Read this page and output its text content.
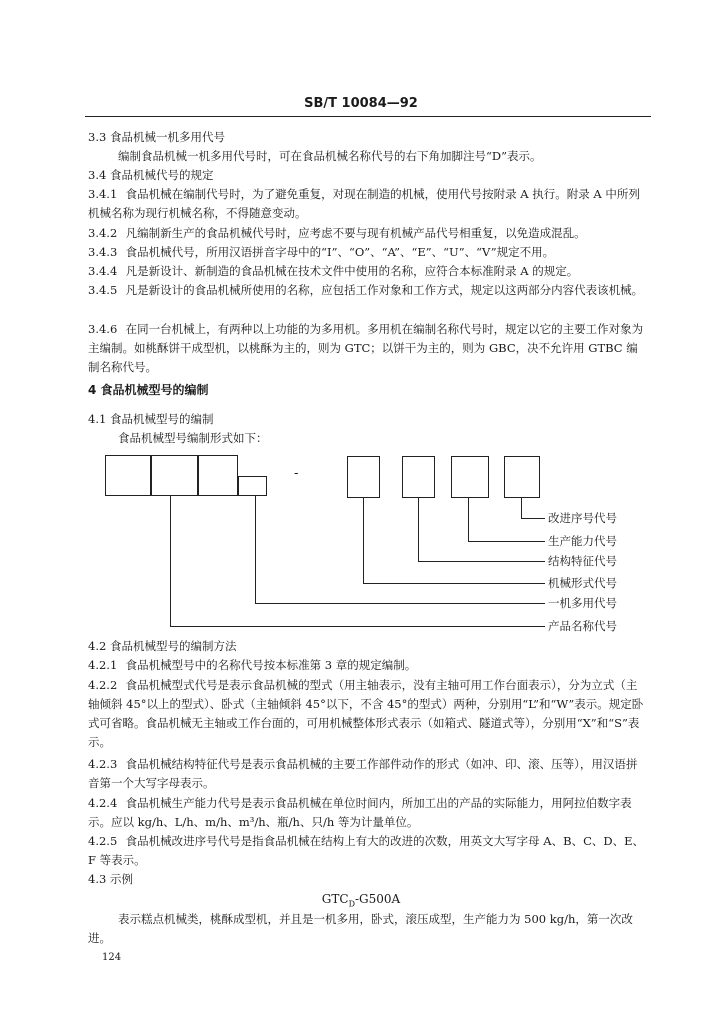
SB/T 10084—92
3.3 食品机械一机多用代号
编制食品机械一机多用代号时，可在食品机械名称代号的右下角加脚注号“D”表示。
3.4 食品机械代号的规定
3.4.1 食品机械在编制代号时，为了避免重复，对现在制造的机械，使用代号按附录 A 执行。附录 A 中所列机械名称为现行机械名称，不得随意变动。
3.4.2 凡编制新生产的食品机械代号时，应考虑不要与现有机械产品代号相重复，以免造成混乱。
3.4.3 食品机械代号，所用汉语拼音字母中的“I”、“O”、“A”、“E”、“U”、“V”规定不用。
3.4.4 凡是新设计、新制造的食品机械在技术文件中使用的名称，应符合本标准附录 A 的规定。
3.4.5 凡是新设计的食品机械所使用的名称，应包括工作对象和工作方式，规定以这两部分内容代表该机械。
3.4.6 在同一台机械上，有两种以上功能的为多用机。多用机在编制名称代号时，规定以它的主要工作对象为主编制。如桃酥饼干成型机，以桃酥为主的，则为 GTC；以饼干为主的，则为 GBC，决不允许用 GTBC 编制名称代号。
4 食品机械型号的编制
4.1 食品机械型号的编制
食品机械型号编制形式如下：
-
改进序号代号
生产能力代号
结构特征代号
机械形式代号
一机多用代号
产品名称代号
4.2 食品机械型号的编制方法
4.2.1 食品机械型号中的名称代号按本标准第 3 章的规定编制。
4.2.2 食品机械型式代号是表示食品机械的型式（用主轴表示，没有主轴可用工作台面表示），分为立式（主轴倾斜 45°以上的型式）、卧式（主轴倾斜 45°以下，不含 45°的型式）两种，分别用“L”和“W”表示。规定卧式可省略。食品机械无主轴或工作台面的，可用机械整体形式表示（如箱式、隧道式等），分别用“X”和“S”表示。
4.2.3 食品机械结构特征代号是表示食品机械的主要工作部件动作的形式（如冲、印、滚、压等），用汉语拼音第一个大写字母表示。
4.2.4 食品机械生产能力代号是表示食品机械在单位时间内，所加工出的产品的实际能力，用阿拉伯数字表示。应以 kg/h、L/h、m/h、m³/h、瓶/h、只/h 等为计量单位。
4.2.5 食品机械改进序号代号是指食品机械在结构上有大的改进的次数，用英文大写字母 A、B、C、D、E、F 等表示。
4.3 示例
$GTC_D-G500A$
表示糕点机械类，桃酥成型机，并且是一机多用，卧式，滚压成型，生产能力为 500 kg/h，第一次改进。
124
